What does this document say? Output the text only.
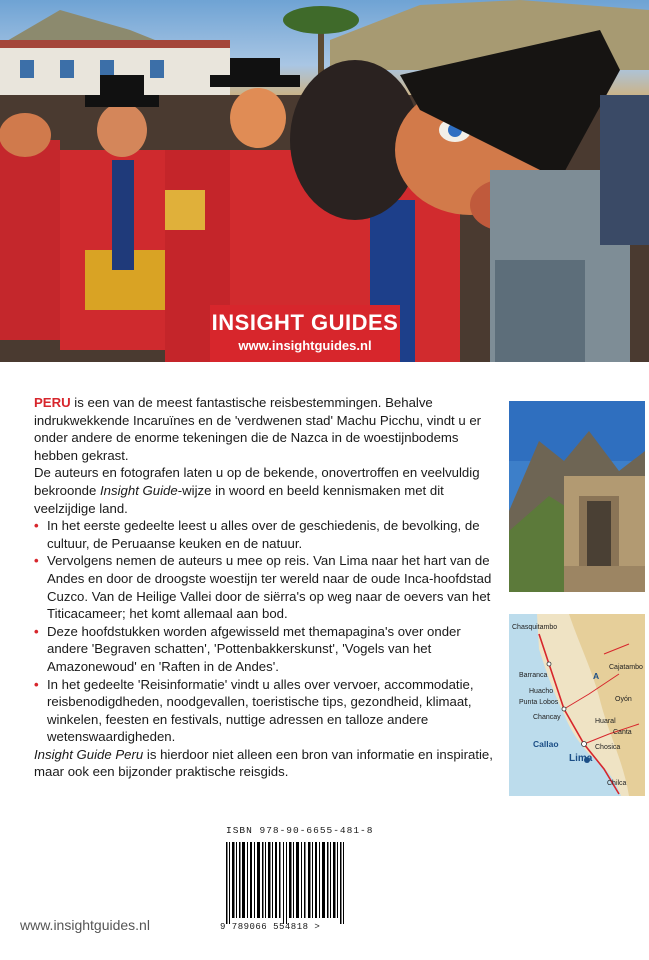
INSIGHT GUIDES
www.insightguides.nl

PERU is een van de meest fantastische reisbestemmingen. Behalve indrukwekkende Incaruïnes en de 'verdwenen stad' Machu Picchu, vindt u er onder andere de enorme tekeningen die de Nazca in de woestijnbodems hebben gekrast.

De auteurs en fotografen laten u op de bekende, onovertroffen en veelvuldig bekroonde Insight Guide-wijze in woord en beeld kennismaken met dit veelzijdige land.

• In het eerste gedeelte leest u alles over de geschiedenis, de bevolking, de cultuur, de Peruaanse keuken en de natuur.
• Vervolgens nemen de auteurs u mee op reis. Van Lima naar het hart van de Andes en door de droogste woestijn ter wereld naar de oude Inca-hoofdstad Cuzco. Van de Heilige Vallei door de siërra's op weg naar de oevers van het Titicacameer; het komt allemaal aan bod.
• Deze hoofdstukken worden afgewisseld met themapagina's over onder andere 'Begraven schatten', 'Pottenbakkerskunst', 'Vogels van het Amazonewoud' en 'Raften in de Andes'.
• In het gedeelte 'Reisinformatie' vindt u alles over vervoer, accommodatie, reisbenodigdheden, noodgevallen, toeristische tips, gezondheid, klimaat, winkelen, feesten en festivals, nuttige adressen en talloze andere wetenswaardigheden.

Insight Guide Peru is hierdoor niet alleen een bron van informatie en inspiratie, maar ook een bijzonder praktische reisgids.

Chasquitambo
Cajatambo
Barranca	A
Huacho
Punta Lobos	Oyón
Chancay
Huaral
Canta
Callao	Chosica
Lima
Chilca
ISBN 978-90-6655-481-8
9 789066 554818 >
www.insightguides.nl
